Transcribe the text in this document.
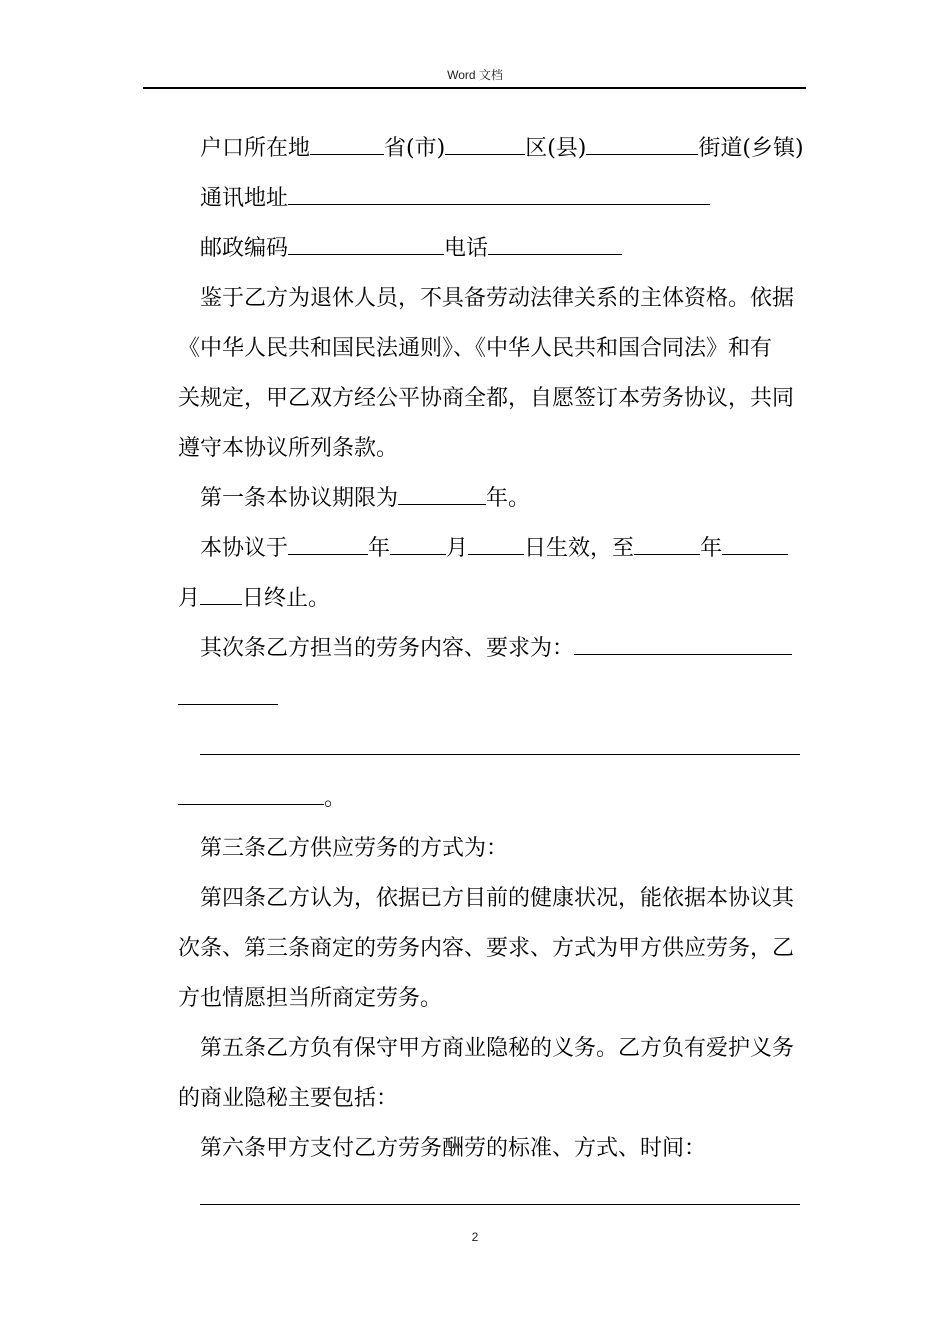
Word 文档

户口所在地	省(市)	区(县)	街道(乡镇)

通讯地址

邮政编码	电话

鉴于乙方为退休人员，不具备劳动法律关系的主体资格。依据

《中华人民共和国民法通则》、《中华人民共和国合同法》和有

关规定，甲乙双方经公平协商全都，自愿签订本劳务协议，共同

遵守本协议所列条款。

第一条本协议期限为	年。

本协议于	年	月	日生效，至	年

月 日终止。

其次条乙方担当的劳务内容、要求为：

。

第三条乙方供应劳务的方式为：

第四条乙方认为，依据已方目前的健康状况，能依据本协议其

次条、第三条商定的劳务内容、要求、方式为甲方供应劳务，乙

方也情愿担当所商定劳务。

第五条乙方负有保守甲方商业隐秘的义务。乙方负有爱护义务

的商业隐秘主要包括：

第六条甲方支付乙方劳务酬劳的标准、方式、时间：

2
